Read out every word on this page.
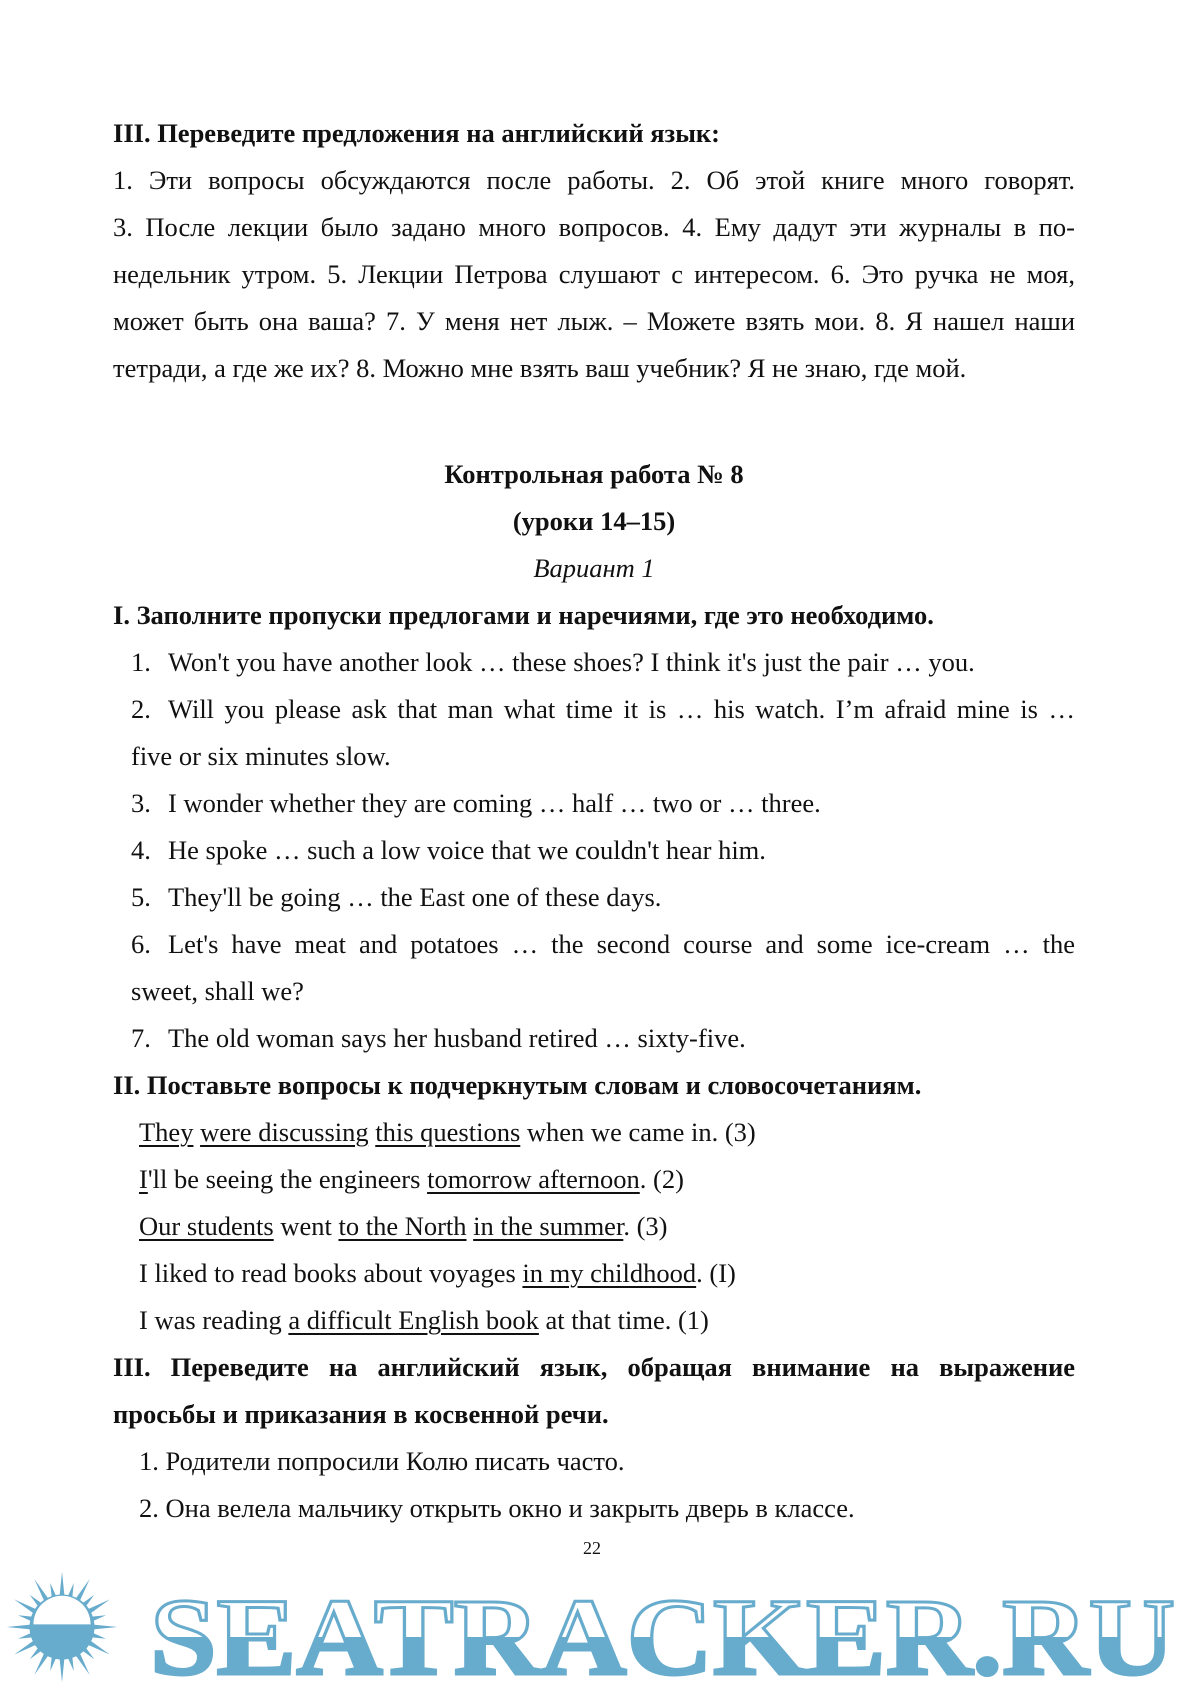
III. Переведите предложения на английский язык:
1. Эти вопросы обсуждаются после работы. 2. Об этой книге много говорят.
3. После лекции было задано много вопросов. 4. Ему дадут эти журналы в по-
недельник утром. 5. Лекции Петрова слушают с интересом. 6. Это ручка не моя,
может быть она ваша? 7. У меня нет лыж. – Можете взять мои. 8. Я нашел наши
тетради, а где же их? 8. Можно мне взять ваш учебник? Я не знаю, где мой.
Контрольная работа № 8
(уроки 14–15)
Вариант 1
I. Заполните пропуски предлогами и наречиями, где это необходимо.
1. Won't you have another look … these shoes? I think it's just the pair … you.
2. Will you please ask that man what time it is … his watch. I’m afraid mine is …
five or six minutes slow.
3. I wonder whether they are coming … half … two or … three.
4. He spoke … such a low voice that we couldn't hear him.
5. They'll be going … the East one of these days.
6. Let's have meat and potatoes … the second course and some ice-cream … the
sweet, shall we?
7. The old woman says her husband retired … sixty-five.
II. Поставьте вопросы к подчеркнутым словам и словосочетаниям.
They were discussing this questions when we came in. (3)
I'll be seeing the engineers tomorrow afternoon. (2)
Our students went to the North in the summer. (3)
I liked to read books about voyages in my childhood. (I)
I was reading a difficult English book at that time. (1)
III. Переведите на английский язык, обращая внимание на выражение
просьбы и приказания в косвенной речи.
1. Родители попросили Колю писать часто.
2. Она велела мальчику открыть окно и закрыть дверь в классе.
22
SEATRACKER.RU
